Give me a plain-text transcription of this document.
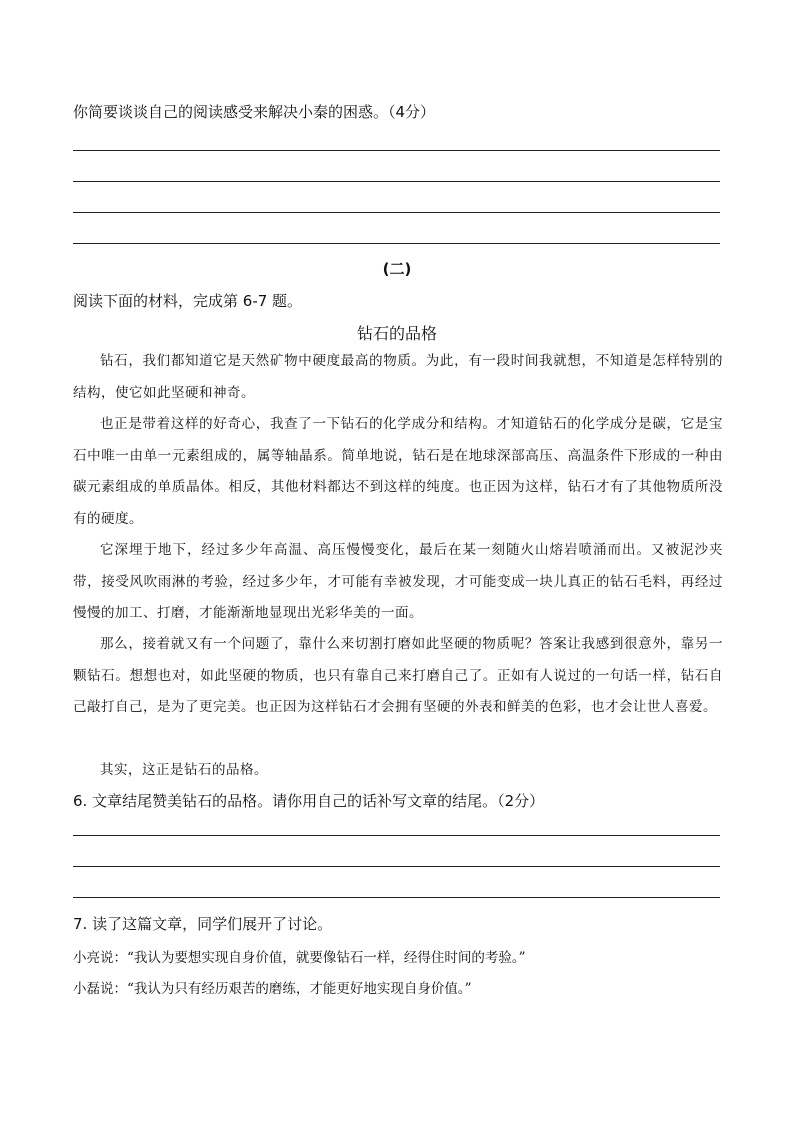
你简要谈谈自己的阅读感受来解决小秦的困惑。（4分）
(二)
阅读下面的材料，完成第 6-7 题。
钻石的品格
钻石，我们都知道它是天然矿物中硬度最高的物质。为此，有一段时间我就想，不知道是怎样特别的结构，使它如此坚硬和神奇。
也正是带着这样的好奇心，我查了一下钻石的化学成分和结构。才知道钻石的化学成分是碳，它是宝石中唯一由单一元素组成的，属等轴晶系。简单地说，钻石是在地球深部高压、高温条件下形成的一种由碳元素组成的单质晶体。相反，其他材料都达不到这样的纯度。也正因为这样，钻石才有了其他物质所没有的硬度。
它深埋于地下，经过多少年高温、高压慢慢变化，最后在某一刻随火山熔岩喷涌而出。又被泥沙夹带，接受风吹雨淋的考验，经过多少年，才可能有幸被发现，才可能变成一块儿真正的钻石毛料，再经过慢慢的加工、打磨，才能渐渐地显现出光彩华美的一面。
那么，接着就又有一个问题了，靠什么来切割打磨如此坚硬的物质呢？答案让我感到很意外，靠另一颗钻石。想想也对，如此坚硬的物质，也只有靠自己来打磨自己了。正如有人说过的一句话一样，钻石自己敲打自己，是为了更完美。也正因为这样钻石才会拥有坚硬的外表和鲜美的色彩，也才会让世人喜爱。
其实，这正是钻石的品格。
6. 文章结尾赞美钻石的品格。请你用自己的话补写文章的结尾。（2分）
7. 读了这篇文章，同学们展开了讨论。
小亮说：“我认为要想实现自身价值，就要像钻石一样，经得住时间的考验。”
小磊说：“我认为只有经历艰苦的磨练，才能更好地实现自身价值。”
